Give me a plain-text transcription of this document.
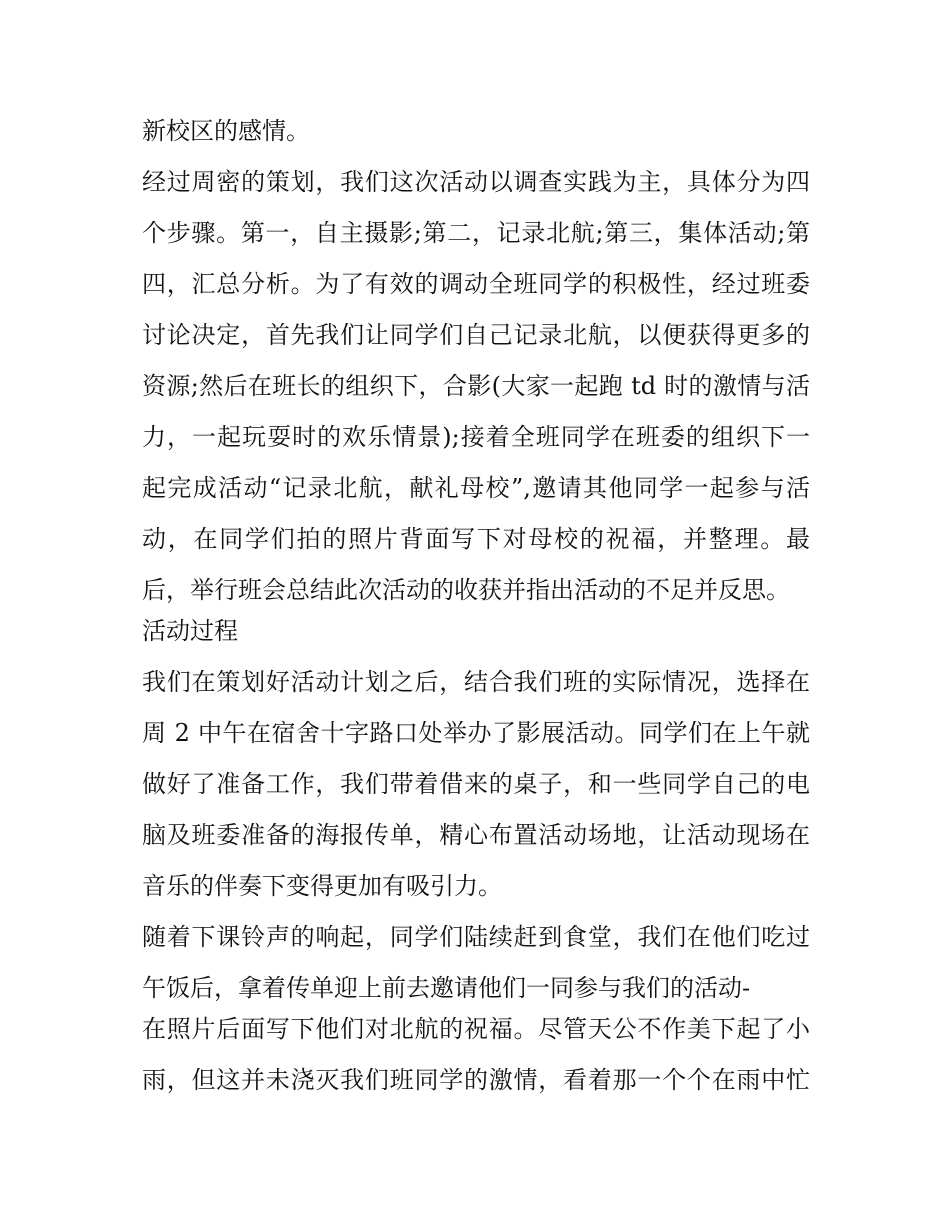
新校区的感情。
经过周密的策划，我们这次活动以调查实践为主，具体分为四
个步骤。第一，自主摄影;第二，记录北航;第三，集体活动;第
四，汇总分析。为了有效的调动全班同学的积极性，经过班委
讨论决定，首先我们让同学们自己记录北航，以便获得更多的
资源;然后在班长的组织下，合影(大家一起跑 td 时的激情与活
力，一起玩耍时的欢乐情景);接着全班同学在班委的组织下一
起完成活动“记录北航，献礼母校”,邀请其他同学一起参与活
动，在同学们拍的照片背面写下对母校的祝福，并整理。最
后，举行班会总结此次活动的收获并指出活动的不足并反思。
活动过程
我们在策划好活动计划之后，结合我们班的实际情况，选择在
周 2 中午在宿舍十字路口处举办了影展活动。同学们在上午就
做好了准备工作，我们带着借来的桌子，和一些同学自己的电
脑及班委准备的海报传单，精心布置活动场地，让活动现场在
音乐的伴奏下变得更加有吸引力。
随着下课铃声的响起，同学们陆续赶到食堂，我们在他们吃过
午饭后，拿着传单迎上前去邀请他们一同参与我们的活动-
在照片后面写下他们对北航的祝福。尽管天公不作美下起了小
雨，但这并未浇灭我们班同学的激情，看着那一个个在雨中忙
